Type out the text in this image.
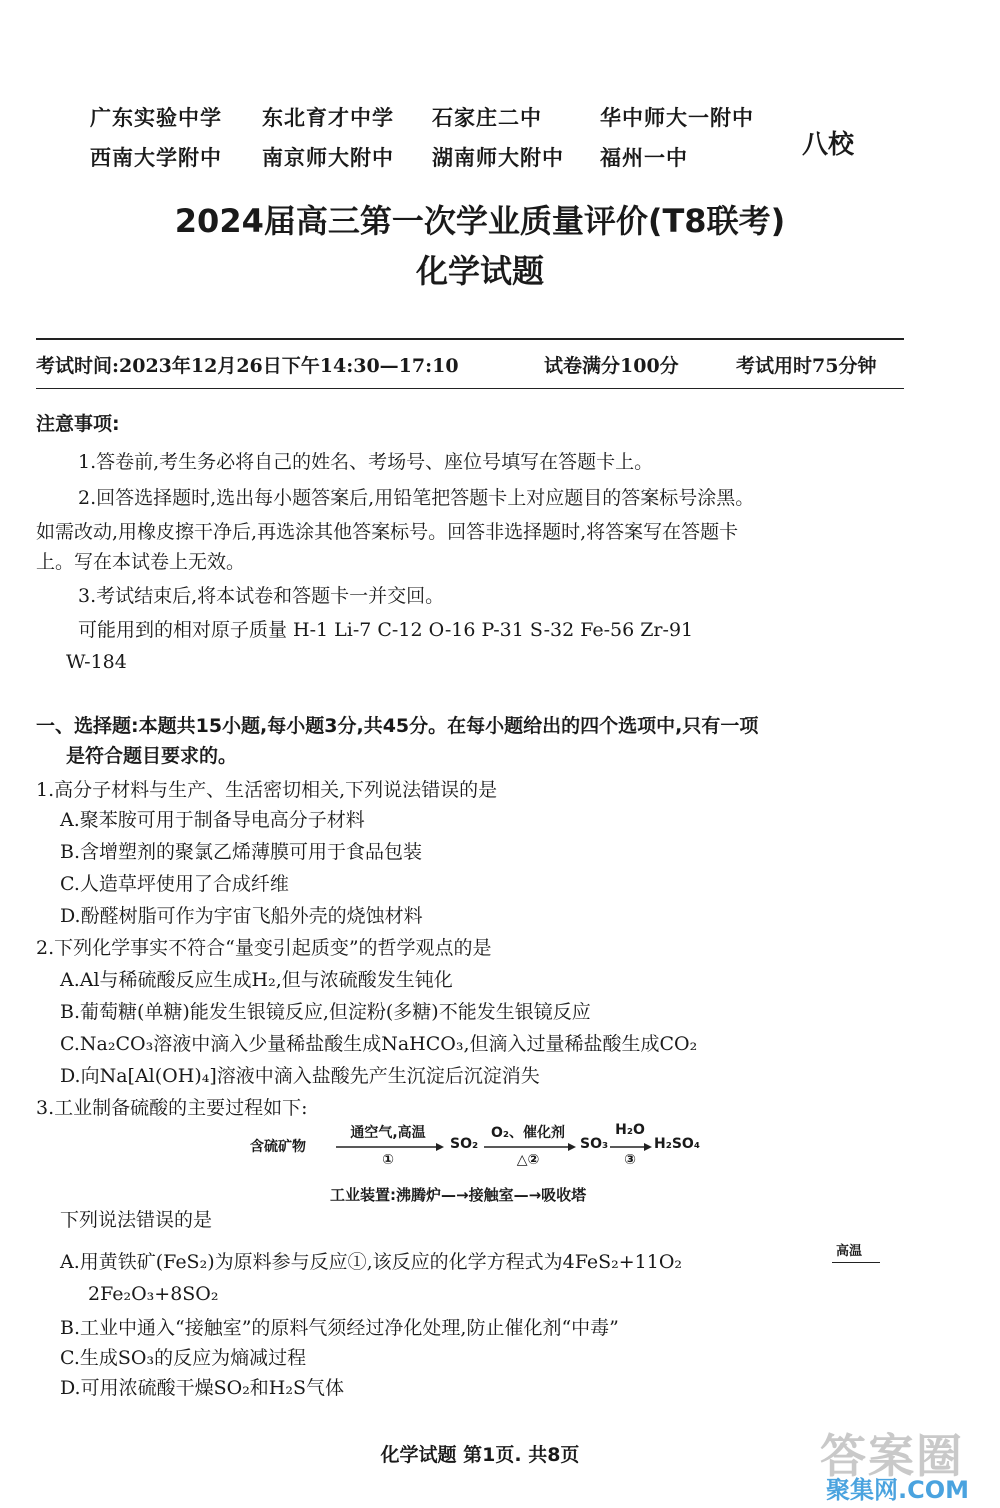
广东实验中学 东北育才中学 石家庄二中	华中师大一附中
西南大学附中 南京师大附中 湖南师大附中 福州一中	八校
2024届高三第一次学业质量评价(T8联考)
化学试题
考试时间:2023年12月26日下午14:30—17:10	试卷满分100分	考试用时75分钟

注意事项:

1.答卷前,考生务必将自己的姓名、考场号、座位号填写在答题卡上。

2.回答选择题时,选出每小题答案后,用铅笔把答题卡上对应题目的答案标号涂黑。

如需改动,用橡皮擦干净后,再选涂其他答案标号。回答非选择题时,将答案写在答题卡

上。写在本试卷上无效。

3.考试结束后,将本试卷和答题卡一并交回。

可能用到的相对原子质量 H-1 Li-7 C-12 O-16 P-31 S-32 Fe-56 Zr-91

W-184

一、选择题:本题共15小题,每小题3分,共45分。在每小题给出的四个选项中,只有一项

是符合题目要求的。

1.高分子材料与生产、生活密切相关,下列说法错误的是

A.聚苯胺可用于制备导电高分子材料

B.含增塑剂的聚氯乙烯薄膜可用于食品包装

C.人造草坪使用了合成纤维

D.酚醛树脂可作为宇宙飞船外壳的烧蚀材料

2.下列化学事实不符合“量变引起质变”的哲学观点的是

A.Al与稀硫酸反应生成H₂,但与浓硫酸发生钝化

B.葡萄糖(单糖)能发生银镜反应,但淀粉(多糖)不能发生银镜反应

C.Na₂CO₃溶液中滴入少量稀盐酸生成NaHCO₃,但滴入过量稀盐酸生成CO₂

D.向Na[Al(OH)₄]溶液中滴入盐酸先产生沉淀后沉淀消失

3.工业制备硫酸的主要过程如下:

含硫矿物
通空气,高温
①
SO₂
O₂、催化剂
△②
SO₃
H₂O
③
H₂SO₄
工业装置:沸腾炉—→接触室—→吸收塔

下列说法错误的是

A.用黄铁矿(FeS₂)为原料参与反应①,该反应的化学方程式为4FeS₂+11O₂	高温

2Fe₂O₃+8SO₂

B.工业中通入“接触室”的原料气须经过净化处理,防止催化剂“中毒”

C.生成SO₃的反应为熵减过程

D.可用浓硫酸干燥SO₂和H₂S气体

化学试题 第1页. 共8页	答案圈
聚集网.COM
